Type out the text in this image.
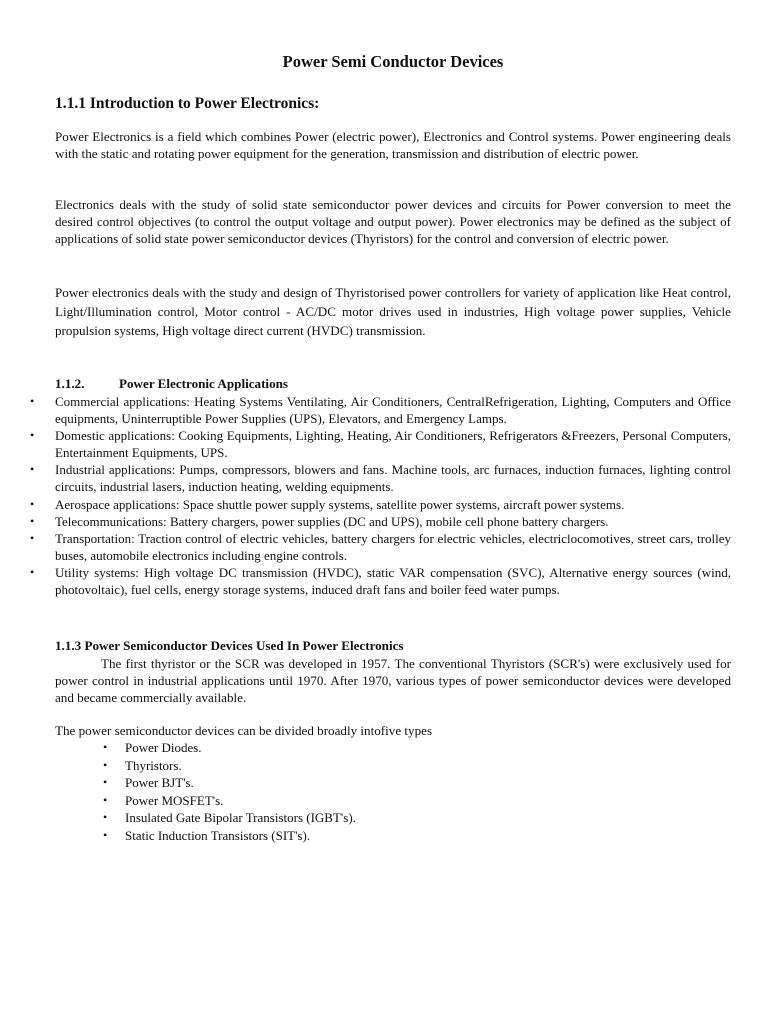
Power Semi Conductor Devices
1.1.1 Introduction to Power Electronics:

Power Electronics is a field which combines Power (electric power), Electronics and Control systems. Power engineering deals with the static and rotating power equipment for the generation, transmission and distribution of electric power.

Electronics deals with the study of solid state semiconductor power devices and circuits for Power conversion to meet the desired control objectives (to control the output voltage and output power). Power electronics may be defined as the subject of applications of solid state power semiconductor devices (Thyristors) for the control and conversion of electric power.

Power electronics deals with the study and design of Thyristorised power controllers for variety of application like Heat control, Light/Illumination control, Motor control - AC/DC motor drives used in industries, High voltage power supplies, Vehicle propulsion systems, High voltage direct current (HVDC) transmission.

1.1.2.	Power Electronic Applications
• Commercial applications: Heating Systems Ventilating, Air Conditioners, CentralRefrigeration, Lighting, Computers and Office equipments, Uninterruptible Power Supplies (UPS), Elevators, and Emergency Lamps.
• Domestic applications: Cooking Equipments, Lighting, Heating, Air Conditioners, Refrigerators &Freezers, Personal Computers, Entertainment Equipments, UPS.
• Industrial applications: Pumps, compressors, blowers and fans. Machine tools, arc furnaces, induction furnaces, lighting control circuits, industrial lasers, induction heating, welding equipments.
• Aerospace applications: Space shuttle power supply systems, satellite power systems, aircraft power systems.
• Telecommunications: Battery chargers, power supplies (DC and UPS), mobile cell phone battery chargers.
• Transportation: Traction control of electric vehicles, battery chargers for electric vehicles, electriclocomotives, street cars, trolley buses, automobile electronics including engine controls.
• Utility systems: High voltage DC transmission (HVDC), static VAR compensation (SVC), Alternative energy sources (wind, photovoltaic), fuel cells, energy storage systems, induced draft fans and boiler feed water pumps.
1.1.3 Power Semiconductor Devices Used In Power Electronics

The first thyristor or the SCR was developed in 1957. The conventional Thyristors (SCR's) were exclusively used for power control in industrial applications until 1970. After 1970, various types of power semiconductor devices were developed and became commercially available.

The power semiconductor devices can be divided broadly intofive types

• Power Diodes.
• Thyristors.
• Power BJT's.
• Power MOSFET's.
• Insulated Gate Bipolar Transistors (IGBT's).
• Static Induction Transistors (SIT's).
